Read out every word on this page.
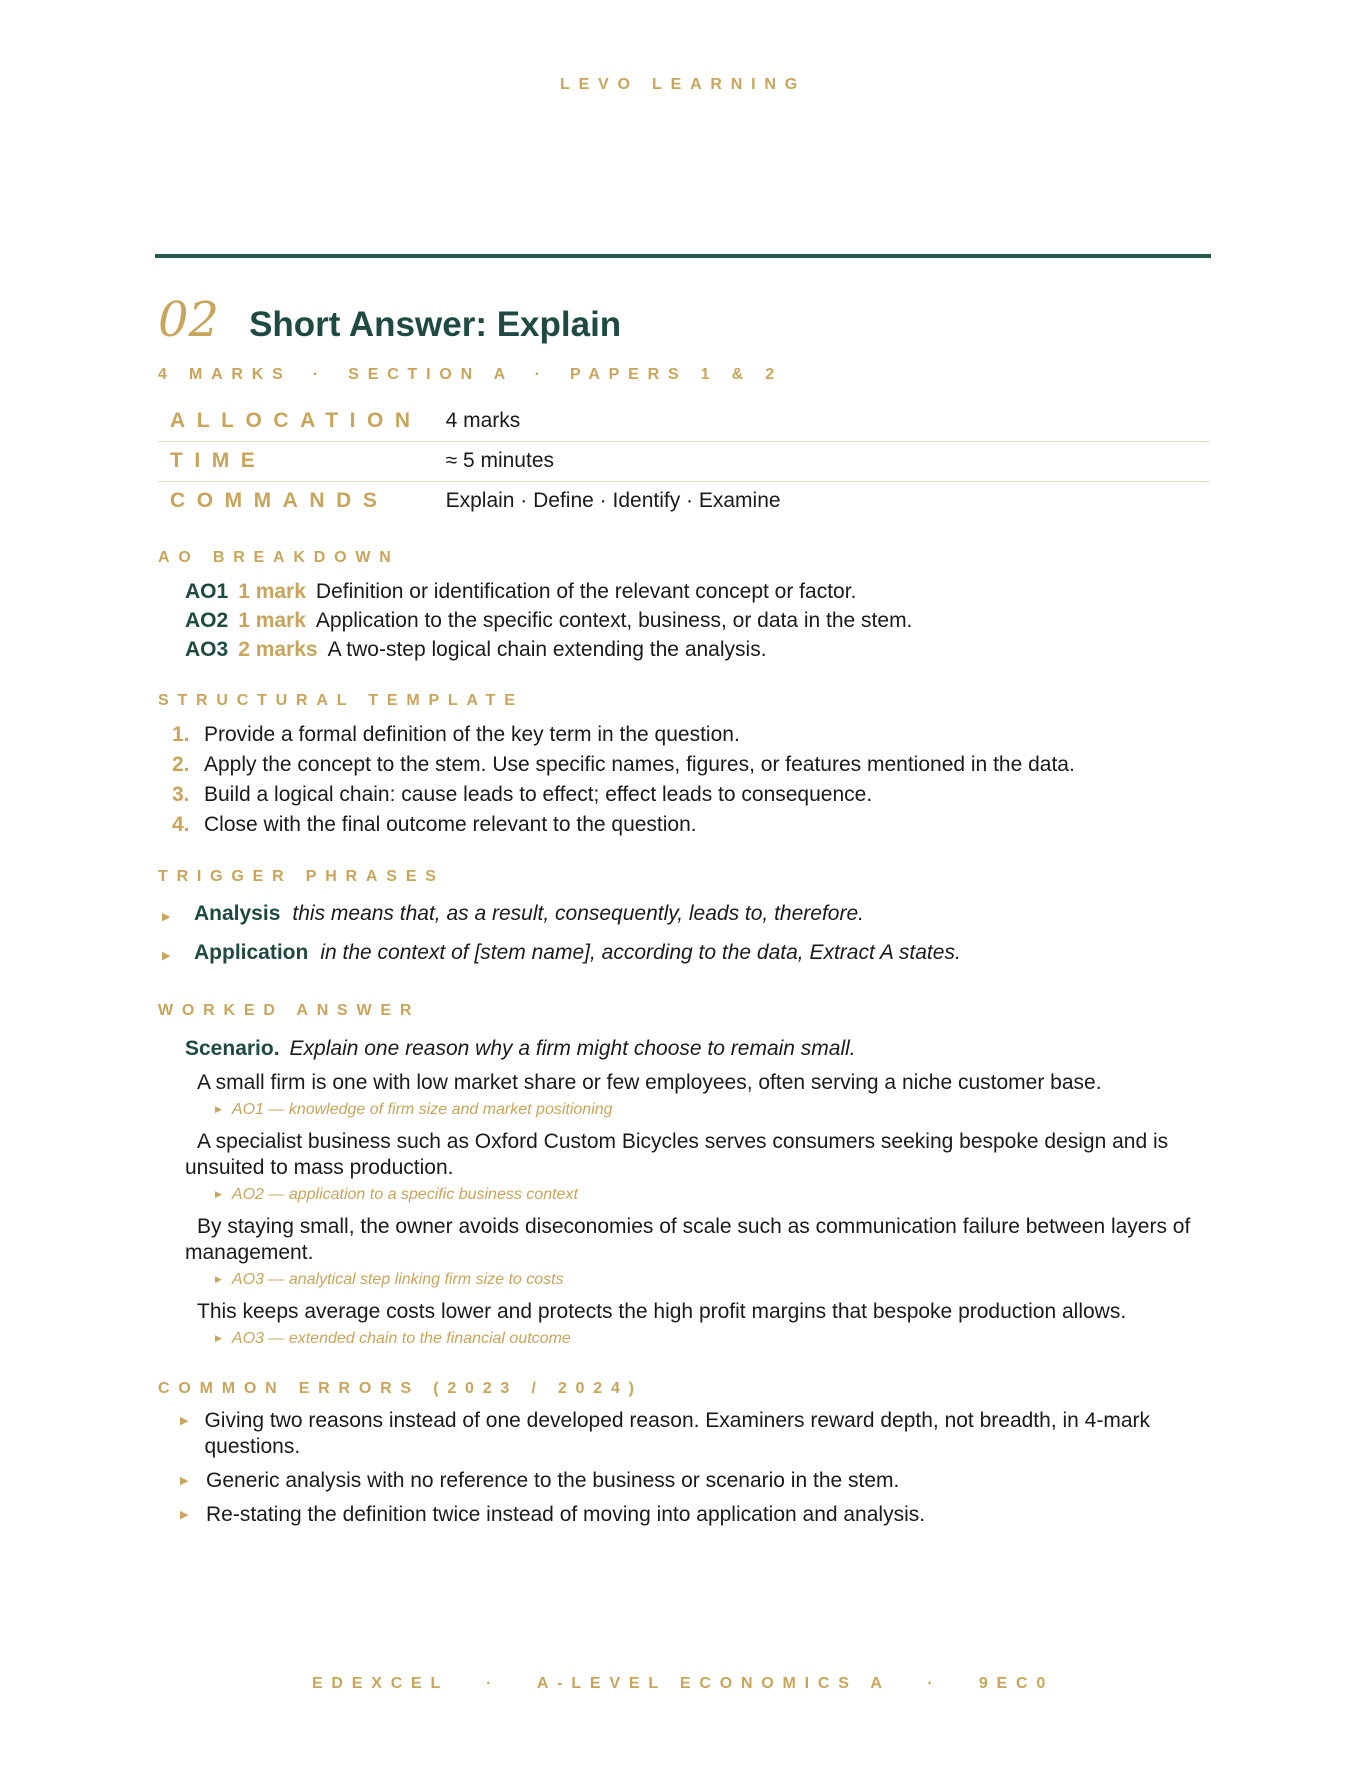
LEVO LEARNING
02 Short Answer: Explain
4 MARKS · SECTION A · PAPERS 1 & 2
ALLOCATION	4 marks
TIME	≈ 5 minutes
COMMANDS	Explain · Define · Identify · Examine
AO BREAKDOWN
AO1 1 mark Definition or identification of the relevant concept or factor.
AO2 1 mark Application to the specific context, business, or data in the stem.
AO3 2 marks A two-step logical chain extending the analysis.
STRUCTURAL TEMPLATE
1. Provide a formal definition of the key term in the question.
2. Apply the concept to the stem. Use specific names, figures, or features mentioned in the data.
3. Build a logical chain: cause leads to effect; effect leads to consequence.
4. Close with the final outcome relevant to the question.
TRIGGER PHRASES
▶	Analysis this means that, as a result, consequently, leads to, therefore.
▶	Application in the context of [stem name], according to the data, Extract A states.
WORKED ANSWER
Scenario. Explain one reason why a firm might choose to remain small.
A small firm is one with low market share or few employees, often serving a niche customer base.
▶ AO1 — knowledge of firm size and market positioning
A specialist business such as Oxford Custom Bicycles serves consumers seeking bespoke design and is unsuited to mass production.
▶ AO2 — application to a specific business context
By staying small, the owner avoids diseconomies of scale such as communication failure between layers of management.
▶ AO3 — analytical step linking firm size to costs
This keeps average costs lower and protects the high profit margins that bespoke production allows.
▶ AO3 — extended chain to the financial outcome
COMMON ERRORS (2023 / 2024)
▶ Giving two reasons instead of one developed reason. Examiners reward depth, not breadth, in 4-mark questions.
▶ Generic analysis with no reference to the business or scenario in the stem.
▶ Re-stating the definition twice instead of moving into application and analysis.
EDEXCEL · A-LEVEL ECONOMICS A · 9EC0
